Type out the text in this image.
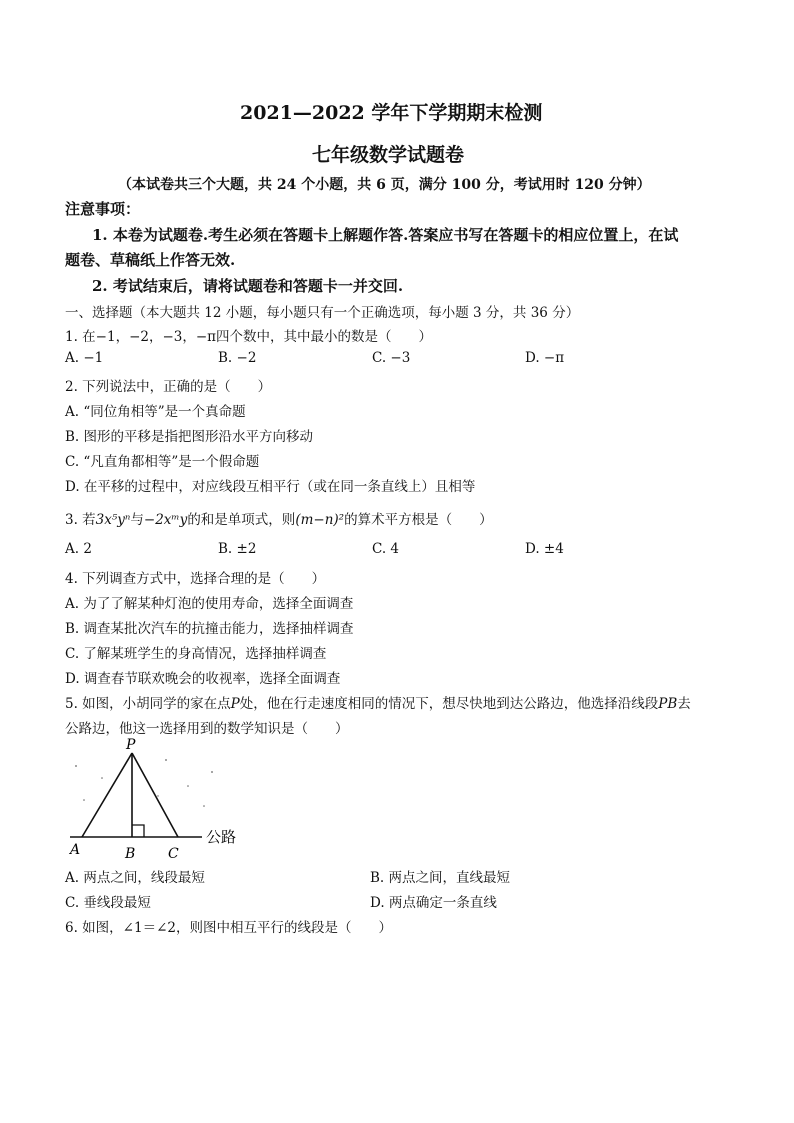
2021—2022 学年下学期期末检测
七年级数学试题卷
（本试卷共三个大题，共 24 个小题，共 6 页，满分 100 分，考试用时 120 分钟）
注意事项：
1. 本卷为试题卷.考生必须在答题卡上解题作答.答案应书写在答题卡的相应位置上，在试
题卷、草稿纸上作答无效.
2. 考试结束后，请将试题卷和答题卡一并交回.
一、选择题（本大题共 12 小题，每小题只有一个正确选项，每小题 3 分，共 36 分）
1. 在−1，−2，−3，−π四个数中，其中最小的数是（　　）
A. −1	B. −2	C. −3	D. −π
2. 下列说法中，正确的是（　　）
A. “同位角相等”是一个真命题
B. 图形的平移是指把图形沿水平方向移动
C. “凡直角都相等”是一个假命题
D. 在平移的过程中，对应线段互相平行（或在同一条直线上）且相等
3. 若3x⁵yⁿ与−2xᵐy的和是单项式，则(m−n)²的算术平方根是（　　）
A. 2	B. ±2	C. 4	D. ±4
4. 下列调查方式中，选择合理的是（　　）
A. 为了了解某种灯泡的使用寿命，选择全面调查
B. 调查某批次汽车的抗撞击能力，选择抽样调查
C. 了解某班学生的身高情况，选择抽样调查
D. 调查春节联欢晚会的收视率，选择全面调查
5. 如图，小胡同学的家在点P处，他在行走速度相同的情况下，想尽快地到达公路边，他选择沿线段PB去
公路边，他这一选择用到的数学知识是（　　）
P
A	B C
公路
A. 两点之间，线段最短	B. 两点之间，直线最短
C. 垂线段最短	D. 两点确定一条直线
6. 如图，∠1＝∠2，则图中相互平行的线段是（　　）
